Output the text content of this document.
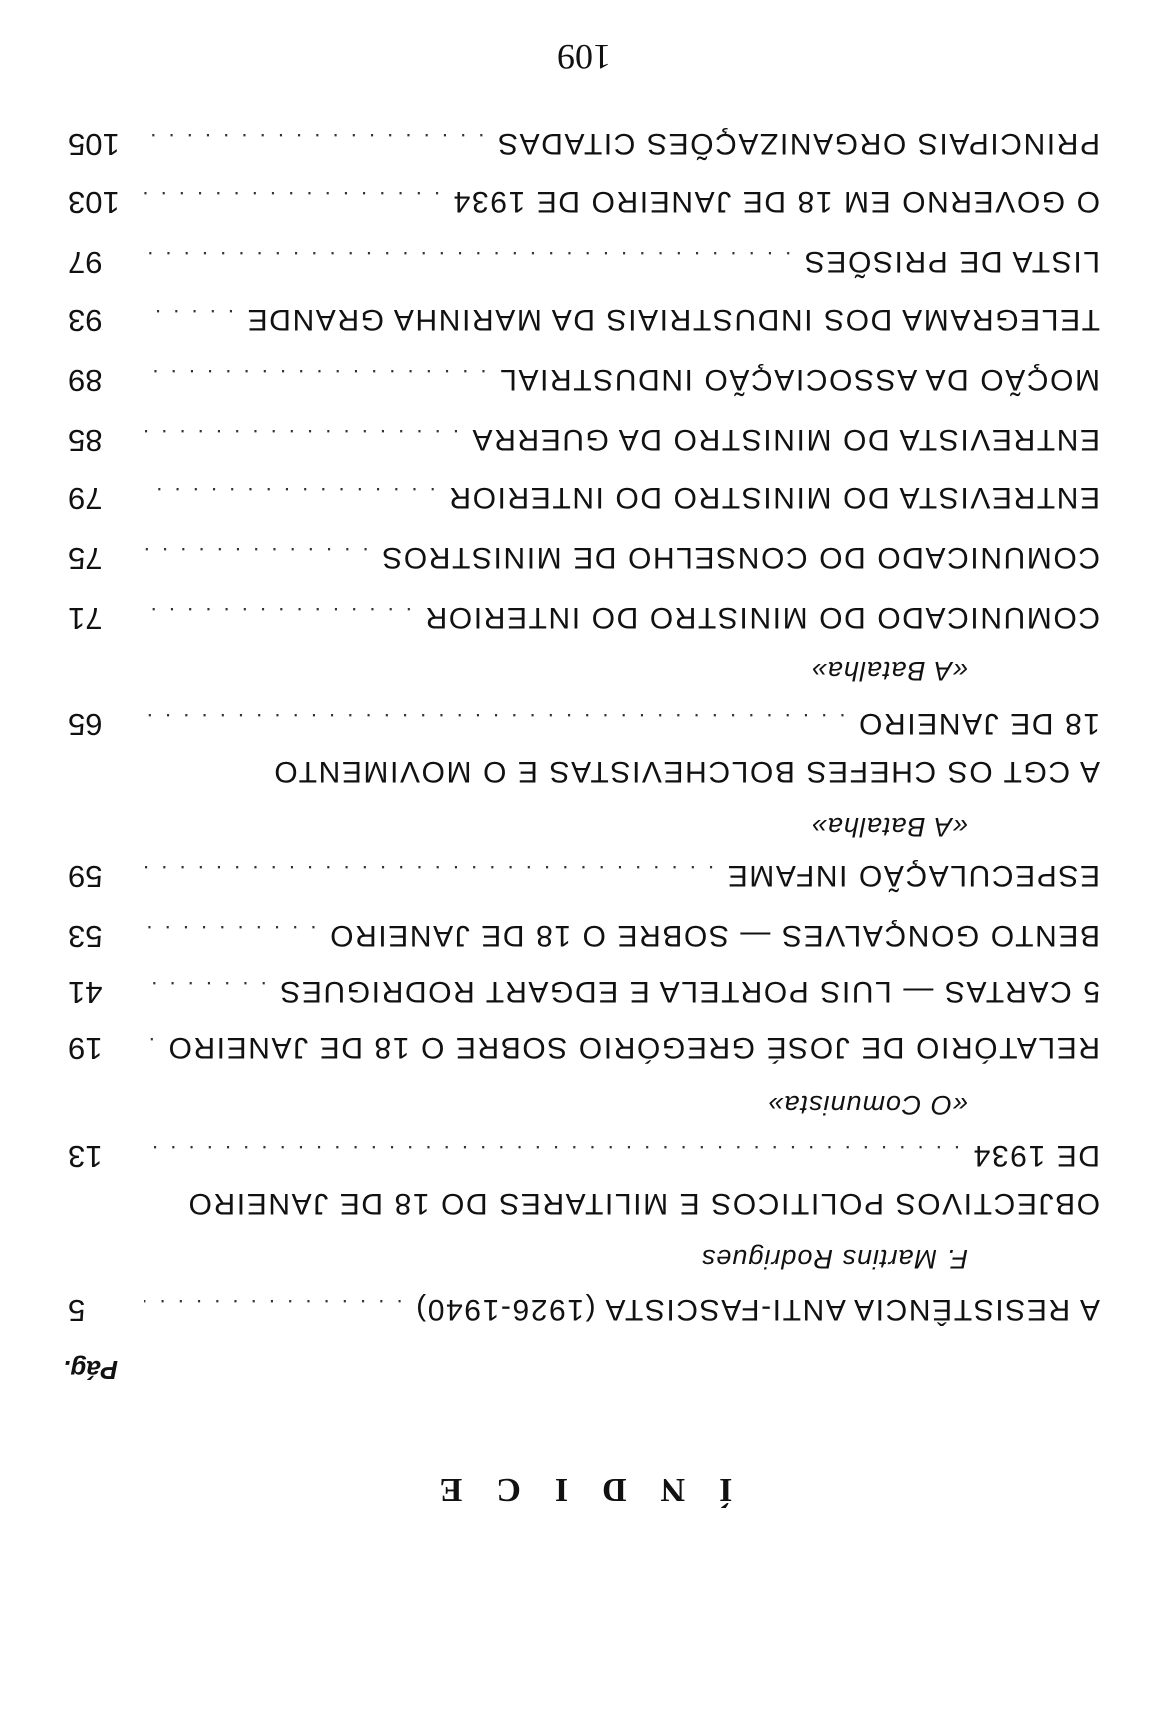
ÍNDICE
Pág.
A RESISTÊNCIA ANTI-FASCISTA (1926-1940)
. . .
5
F. Martins Rodrigues
OBJECTIVOS POLITICOS E MILITARES DO 18 DE JANEIRO
DE 1934
. . .
13
«O Comunista»
RELATÓRIO DE JOSÉ GREGÓRIO SOBRE O 18 DE JANEIRO
. . .
19
5 CARTAS — LUIS PORTELA E EDGART RODRIGUES
. . .
41
BENTO GONÇALVES — SOBRE O 18 DE JANEIRO
. . .
53
ESPECULAÇÃO INFAME
. . .
59
«A Batalha»
A CGT OS CHEFES BOLCHEVISTAS E O MOVIMENTO
18 DE JANEIRO
. . .
65
«A Batalha»
COMUNICADO DO MINISTRO DO INTERIOR
. . .
71
COMUNICADO DO CONSELHO DE MINISTROS
. . .
75
ENTREVISTA DO MINISTRO DO INTERIOR
. . .
79
ENTREVISTA DO MINISTRO DA GUERRA
. . .
85
MOÇÃO DA ASSOCIAÇÃO INDUSTRIAL
. . .
89
TELEGRAMA DOS INDUSTRIAIS DA MARINHA GRANDE
. . .
93
LISTA DE PRISÕES
. . .
97
O GOVERNO EM 18 DE JANEIRO DE 1934
. . .
103
PRINCIPAIS ORGANIZAÇÕES CITADAS
. . .
105
109
